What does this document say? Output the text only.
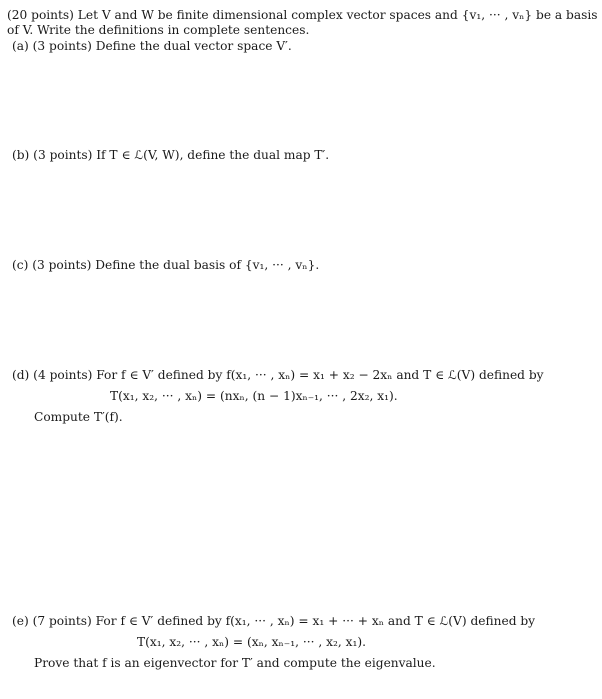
(20 points) Let V and W be finite dimensional complex vector spaces and {v₁, ··· , vₙ} be a basis
of V. Write the definitions in complete sentences.
(a) (3 points) Define the dual vector space V′.
(b) (3 points) If T ∈ ℒ(V, W), define the dual map T′.
(c) (3 points) Define the dual basis of {v₁, ··· , vₙ}.
(d) (4 points) For f ∈ V′ defined by f(x₁, ··· , xₙ) = x₁ + x₂ − 2xₙ and T ∈ ℒ(V) defined by
T(x₁, x₂, ··· , xₙ) = (nxₙ, (n − 1)xₙ₋₁, ··· , 2x₂, x₁).
Compute T′(f).
(e) (7 points) For f ∈ V′ defined by f(x₁, ··· , xₙ) = x₁ + ··· + xₙ and T ∈ ℒ(V) defined by
T(x₁, x₂, ··· , xₙ) = (xₙ, xₙ₋₁, ··· , x₂, x₁).
Prove that f is an eigenvector for T′ and compute the eigenvalue.
